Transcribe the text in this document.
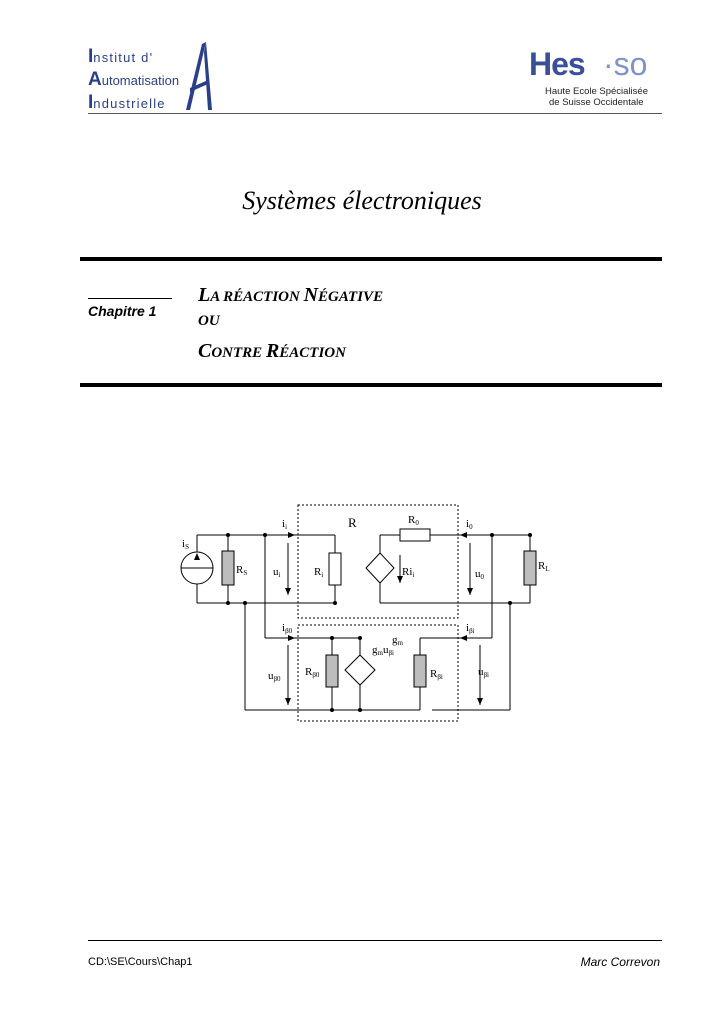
Institut d'
Automatisation
Industrielle
Hes ·so
Haute Ecole Spécialisée
de Suisse Occidentale
Systèmes électroniques
Chapitre 1
LA RÉACTION NÉGATIVE
OU
CONTRE RÉACTION
iS
RS
ii
ui	Ri
R	R0
Rii
i0
u0
RL
iβ0
uβ0
Rβ0
gm
gmuβi
Rβi
iβi
uβi
CD:\SE\Cours\Chap1	Marc Correvon
